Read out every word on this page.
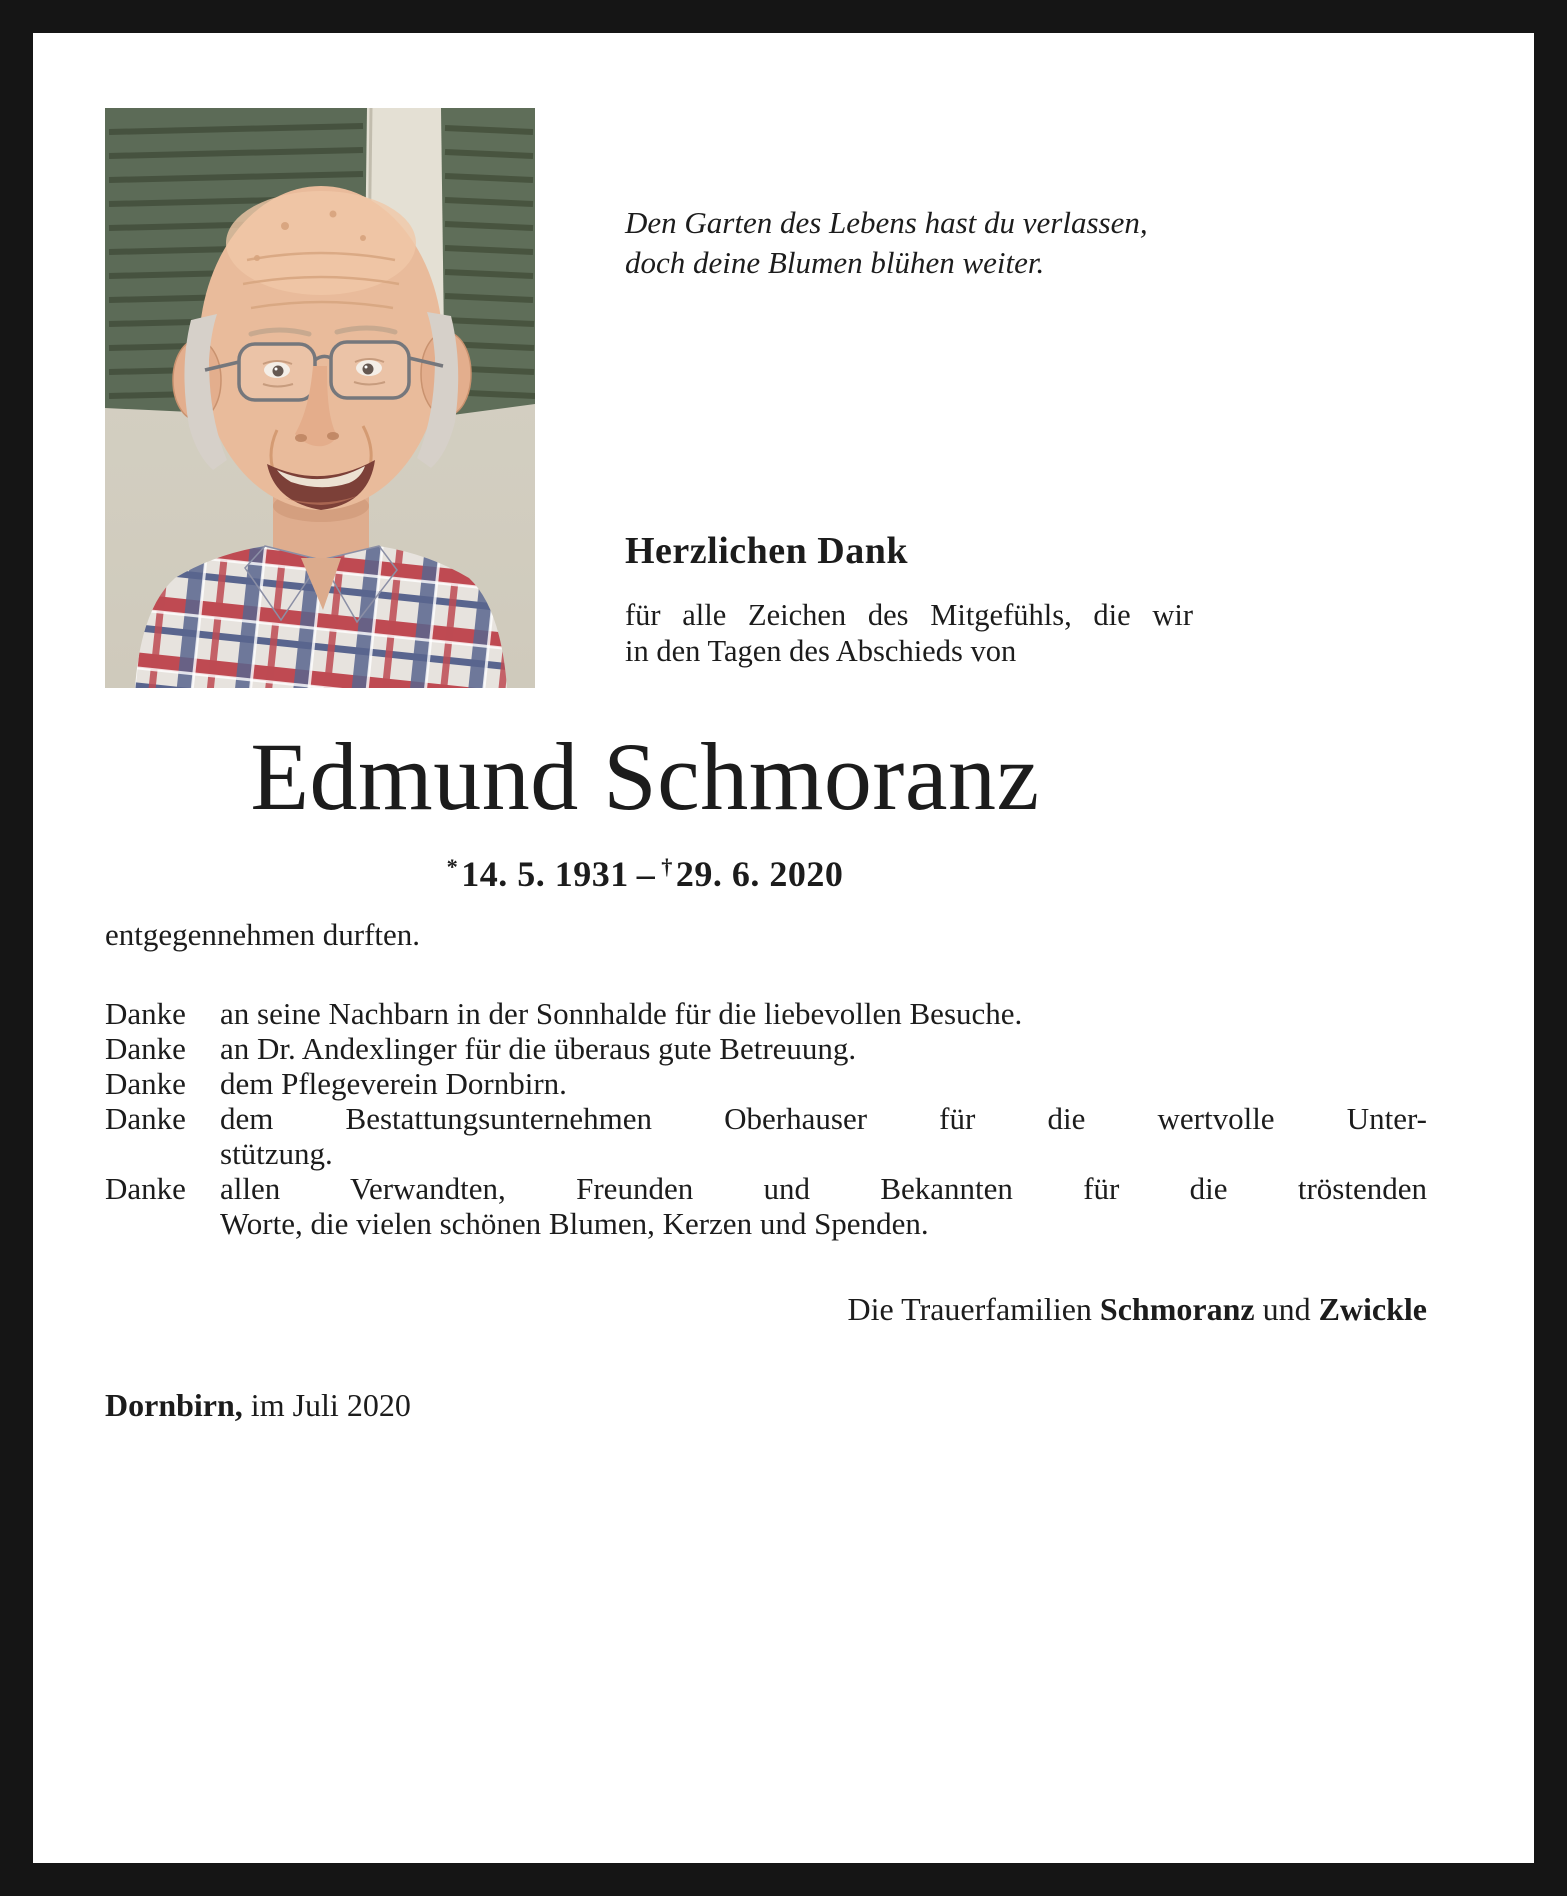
Den Garten des Lebens hast du verlassen,
doch deine Blumen blühen weiter.
Herzlichen Dank
für alle Zeichen des Mitgefühls, die wir
in den Tagen des Abschieds von
Edmund Schmoranz
*14. 5. 1931 – †29. 6. 2020
entgegennehmen durften.
Danke	an seine Nachbarn in der Sonnhalde für die liebevollen Besuche.
Danke	an Dr. Andexlinger für die überaus gute Betreuung.
Danke	dem Pflegeverein Dornbirn.
Danke	dem Bestattungsunternehmen Oberhauser für die wertvolle Unter-
stützung.
Danke	allen Verwandten, Freunden und Bekannten für die tröstenden
Worte, die vielen schönen Blumen, Kerzen und Spenden.
Die Trauerfamilien Schmoranz und Zwickle
Dornbirn, im Juli 2020
